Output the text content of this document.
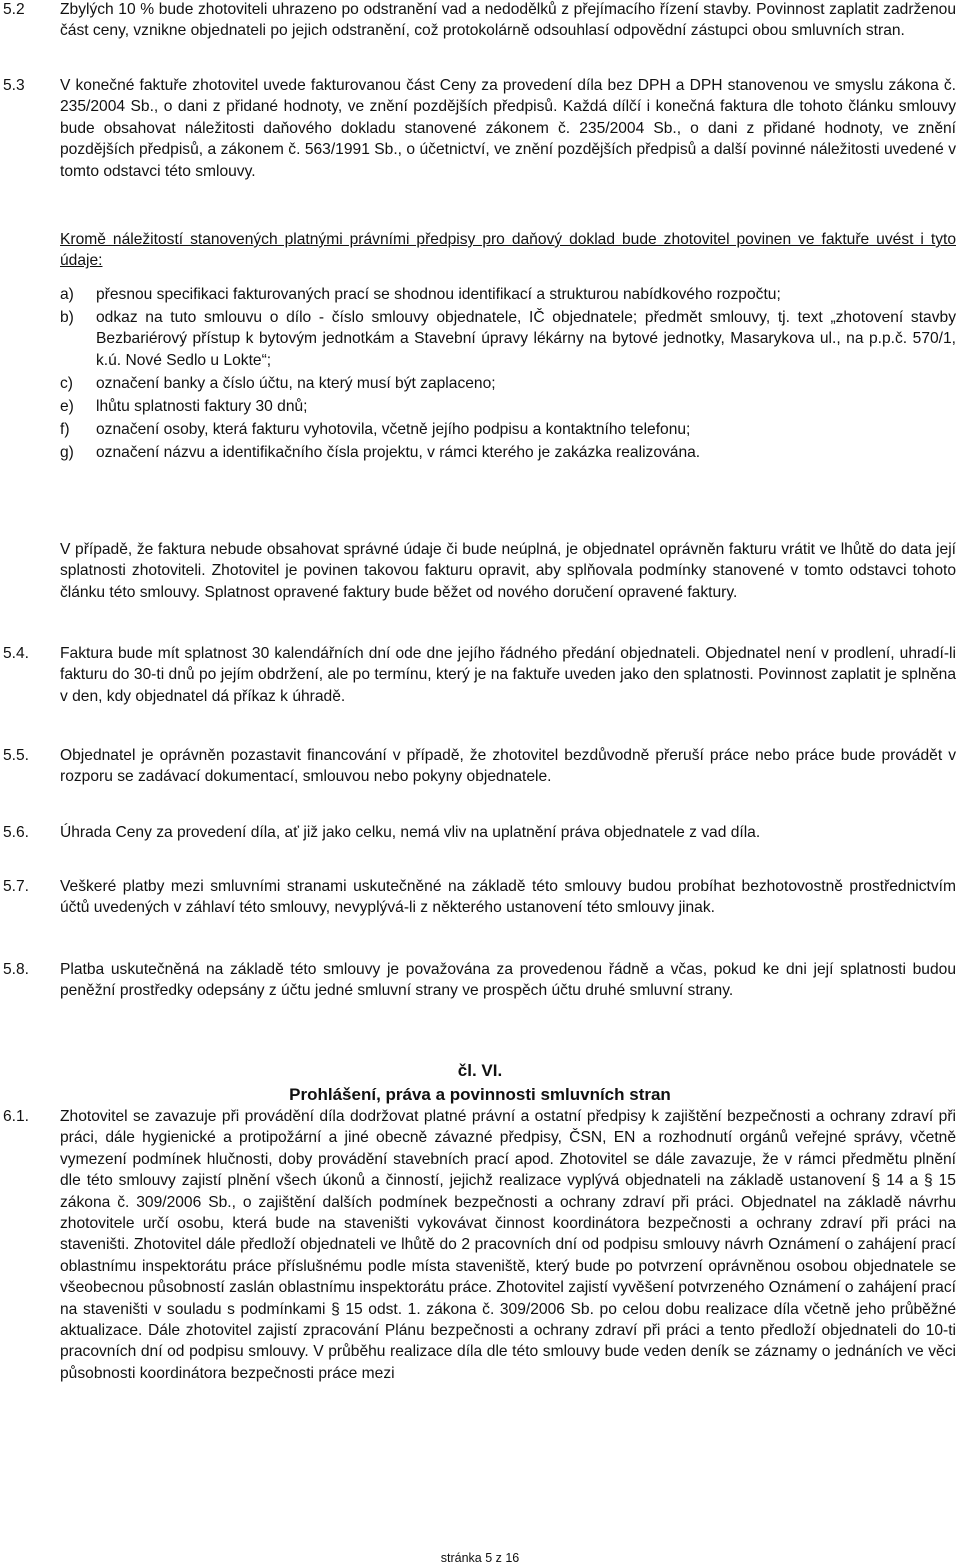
5.2	Zbylých 10 % bude zhotoviteli uhrazeno po odstranění vad a nedodělků z přejímacího řízení stavby. Povinnost zaplatit zadrženou část ceny, vznikne objednateli po jejich odstranění, což protokolárně odsouhlasí odpovědní zástupci obou smluvních stran.
5.3	V konečné faktuře zhotovitel uvede fakturovanou část Ceny za provedení díla bez DPH a DPH stanovenou ve smyslu zákona č. 235/2004 Sb., o dani z přidané hodnoty, ve znění pozdějších předpisů. Každá dílčí i konečná faktura dle tohoto článku smlouvy bude obsahovat náležitosti daňového dokladu stanovené zákonem č. 235/2004 Sb., o dani z přidané hodnoty, ve znění pozdějších předpisů, a zákonem č. 563/1991 Sb., o účetnictví, ve znění pozdějších předpisů a další povinné náležitosti uvedené v tomto odstavci této smlouvy.
Kromě náležitostí stanovených platnými právními předpisy pro daňový doklad bude zhotovitel povinen ve faktuře uvést i tyto údaje:
a)	přesnou specifikaci fakturovaných prací se shodnou identifikací a strukturou nabídkového rozpočtu;
b)	odkaz na tuto smlouvu o dílo - číslo smlouvy objednatele, IČ objednatele; předmět smlouvy, tj. text „zhotovení stavby Bezbariérový přístup k bytovým jednotkám a Stavební úpravy lékárny na bytové jednotky, Masarykova ul., na p.p.č. 570/1, k.ú. Nové Sedlo u Lokte“;
c)	označení banky a číslo účtu, na který musí být zaplaceno;
e)	lhůtu splatnosti faktury 30 dnů;
f)	označení osoby, která fakturu vyhotovila, včetně jejího podpisu a kontaktního telefonu;
g)	označení názvu a identifikačního čísla projektu, v rámci kterého je zakázka realizována.
V případě, že faktura nebude obsahovat správné údaje či bude neúplná, je objednatel oprávněn fakturu vrátit ve lhůtě do data její splatnosti zhotoviteli. Zhotovitel je povinen takovou fakturu opravit, aby splňovala podmínky stanovené v tomto odstavci tohoto článku této smlouvy. Splatnost opravené faktury bude běžet od nového doručení opravené faktury.
5.4.	Faktura bude mít splatnost 30 kalendářních dní ode dne jejího řádného předání objednateli. Objednatel není v prodlení, uhradí-li fakturu do 30-ti dnů po jejím obdržení, ale po termínu, který je na faktuře uveden jako den splatnosti. Povinnost zaplatit je splněna v den, kdy objednatel dá příkaz k úhradě.
5.5.	Objednatel je oprávněn pozastavit financování v případě, že zhotovitel bezdůvodně přeruší práce nebo práce bude provádět v rozporu se zadávací dokumentací, smlouvou nebo pokyny objednatele.
5.6.	Úhrada Ceny za provedení díla, ať již jako celku, nemá vliv na uplatnění práva objednatele z vad díla.
5.7.	Veškeré platby mezi smluvními stranami uskutečněné na základě této smlouvy budou probíhat bezhotovostně prostřednictvím účtů uvedených v záhlaví této smlouvy, nevyplývá-li z některého ustanovení této smlouvy jinak.
5.8.	Platba uskutečněná na základě této smlouvy je považována za provedenou řádně a včas, pokud ke dni její splatnosti budou peněžní prostředky odepsány z účtu jedné smluvní strany ve prospěch účtu druhé smluvní strany.
čl. VI.
Prohlášení, práva a povinnosti smluvních stran
6.1.	Zhotovitel se zavazuje při provádění díla dodržovat platné právní a ostatní předpisy k zajištění bezpečnosti a ochrany zdraví při práci, dále hygienické a protipožární a jiné obecně závazné předpisy, ČSN, EN a rozhodnutí orgánů veřejné správy, včetně vymezení podmínek hlučnosti, doby provádění stavebních prací apod. Zhotovitel se dále zavazuje, že v rámci předmětu plnění dle této smlouvy zajistí plnění všech úkonů a činností, jejichž realizace vyplývá objednateli na základě ustanovení § 14 a § 15 zákona č. 309/2006 Sb., o zajištění dalších podmínek bezpečnosti a ochrany zdraví při práci. Objednatel na základě návrhu zhotovitele určí osobu, která bude na staveništi vykovávat činnost koordinátora bezpečnosti a ochrany zdraví při práci na staveništi. Zhotovitel dále předloží objednateli ve lhůtě do 2 pracovních dní od podpisu smlouvy návrh Oznámení o zahájení prací oblastnímu inspektorátu práce příslušnému podle místa staveniště, který bude po potvrzení oprávněnou osobou objednatele se všeobecnou působností zaslán oblastnímu inspektorátu práce. Zhotovitel zajistí vyvěšení potvrzeného Oznámení o zahájení prací na staveništi v souladu s podmínkami § 15 odst. 1. zákona č. 309/2006 Sb. po celou dobu realizace díla včetně jeho průběžné aktualizace. Dále zhotovitel zajistí zpracování Plánu bezpečnosti a ochrany zdraví při práci a tento předloží objednateli do 10-ti pracovních dní od podpisu smlouvy. V průběhu realizace díla dle této smlouvy bude veden deník se záznamy o jednáních ve věci působnosti koordinátora bezpečnosti práce mezi
stránka 5 z 16
